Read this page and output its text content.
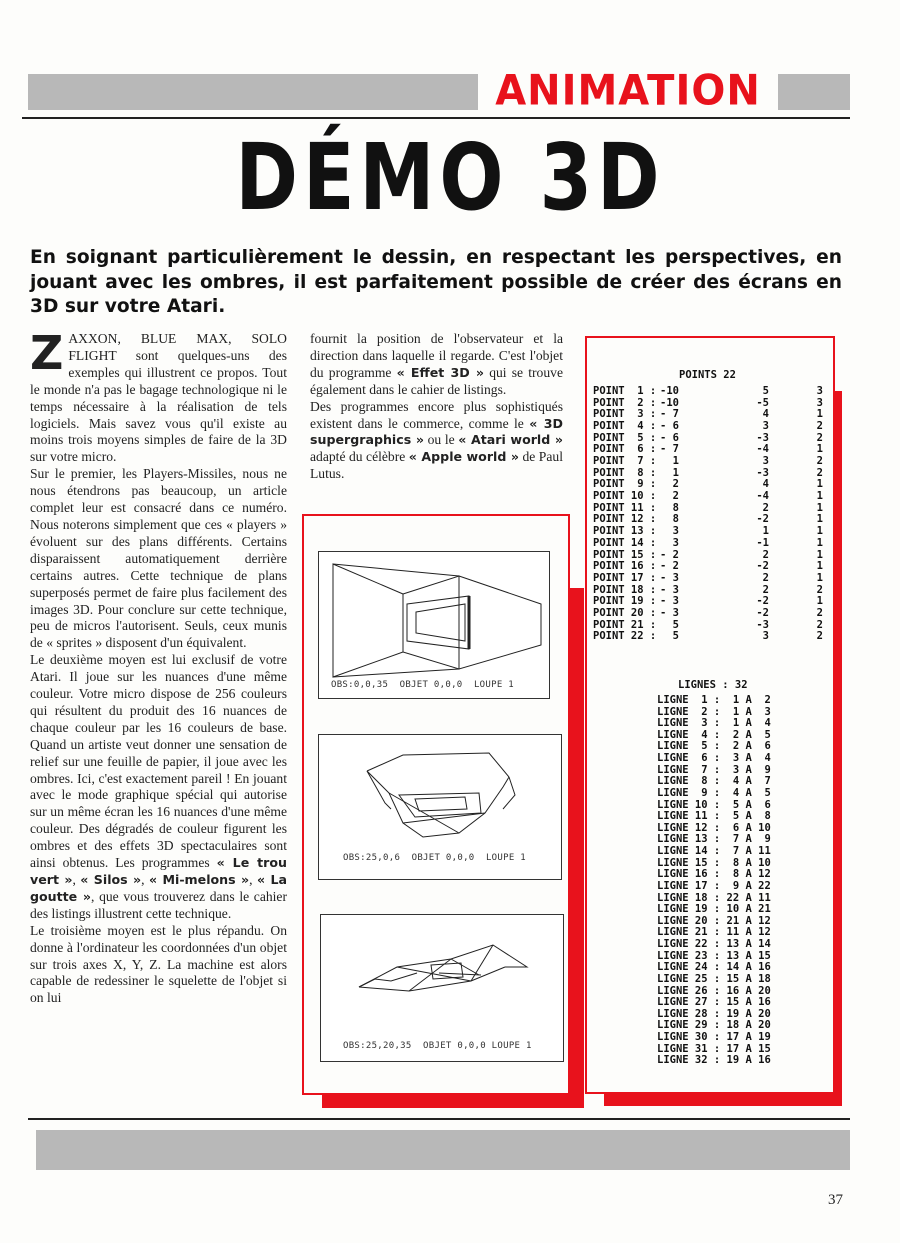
ANIMATION
DÉMO 3D
En soignant particulièrement le dessin, en respectant les perspectives, en jouant avec les ombres, il est parfaitement possible de créer des écrans en 3D sur votre Atari.

ZAXXON, BLUE MAX, SOLO FLIGHT sont quelques-uns des exemples qui illustrent ce propos. Tout le monde n'a pas le bagage technologique ni le temps nécessaire à la réalisation de tels logiciels. Mais savez vous qu'il existe au moins trois moyens simples de faire de la 3D sur votre micro.

Sur le premier, les Players-Missiles, nous ne nous étendrons pas beaucoup, un article complet leur est consacré dans ce numéro. Nous noterons simplement que ces « players » évoluent sur des plans différents. Certains disparaissent automatiquement derrière certains autres. Cette technique de plans superposés permet de faire plus facilement des images 3D. Pour conclure sur cette technique, peu de micros l'autorisent. Seuls, ceux munis de « sprites » disposent d'un équivalent.

Le deuxième moyen est lui exclusif de votre Atari. Il joue sur les nuances d'une même couleur. Votre micro dispose de 256 couleurs qui résultent du produit des 16 nuances de chaque couleur par les 16 couleurs de base. Quand un artiste veut donner une sensation de relief sur une feuille de papier, il joue avec les ombres. Ici, c'est exactement pareil ! En jouant avec le mode graphique spécial qui autorise sur un même écran les 16 nuances d'une même couleur. Des dégradés de couleur figurent les ombres et des effets 3D spectaculaires sont ainsi obtenus. Les programmes « Le trou vert », « Silos », « Mi-melons », « La goutte », que vous trouverez dans le cahier des listings illustrent cette technique.

Le troisième moyen est le plus répandu. On donne à l'ordinateur les coordonnées d'un objet sur trois axes X, Y, Z. La machine est alors capable de redessiner le squelette de l'objet si on lui

fournit la position de l'observateur et la direction dans laquelle il regarde. C'est l'objet du programme « Effet 3D » qui se trouve également dans le cahier de listings.

Des programmes encore plus sophistiqués existent dans le commerce, comme le « 3D supergraphics » ou le « Atari world » adapté du célèbre « Apple world » de Paul Lutus.

OBS:0,0,35  OBJET 0,0,0  LOUPE 1
OBS:25,0,6  OBJET 0,0,0  LOUPE 1
OBS:25,20,35  OBJET 0,0,0 LOUPE 1
POINTS 22
POINT  1 : -10	5	3
POINT  2 : -10	-5	3
POINT  3 : - 7	4	1
POINT  4 : - 6	3	2
POINT  5 : - 6	-3	2
POINT  6 : - 7	-4	1
POINT  7 :	1	3	2
POINT  8 :	1	-3	2
POINT  9 :	2	4	1
POINT 10 :	2	-4	1
POINT 11 :	8	2	1
POINT 12 :	8	-2	1
POINT 13 :	3	1	1
POINT 14 :	3	-1	1
POINT 15 : - 2	2	1
POINT 16 : - 2	-2	1
POINT 17 : - 3	2	1
POINT 18 : - 3	2	2
POINT 19 : - 3	-2	1
POINT 20 : - 3	-2	2
POINT 21 :	5	-3	2
POINT 22 :	5	3	2
LIGNES : 32
LIGNE  1 :  1 A  2
LIGNE  2 :  1 A  3
LIGNE  3 :  1 A  4
LIGNE  4 :  2 A  5
LIGNE  5 :  2 A  6
LIGNE  6 :  3 A  4
LIGNE  7 :  3 A  9
LIGNE  8 :  4 A  7
LIGNE  9 :  4 A  5
LIGNE 10 :  5 A  6
LIGNE 11 :  5 A  8
LIGNE 12 :  6 A 10
LIGNE 13 :  7 A  9
LIGNE 14 :  7 A 11
LIGNE 15 :  8 A 10
LIGNE 16 :  8 A 12
LIGNE 17 :  9 A 22
LIGNE 18 : 22 A 11
LIGNE 19 : 10 A 21
LIGNE 20 : 21 A 12
LIGNE 21 : 11 A 12
LIGNE 22 : 13 A 14
LIGNE 23 : 13 A 15
LIGNE 24 : 14 A 16
LIGNE 25 : 15 A 18
LIGNE 26 : 16 A 20
LIGNE 27 : 15 A 16
LIGNE 28 : 19 A 20
LIGNE 29 : 18 A 20
LIGNE 30 : 17 A 19
LIGNE 31 : 17 A 15
LIGNE 32 : 19 A 16
37
